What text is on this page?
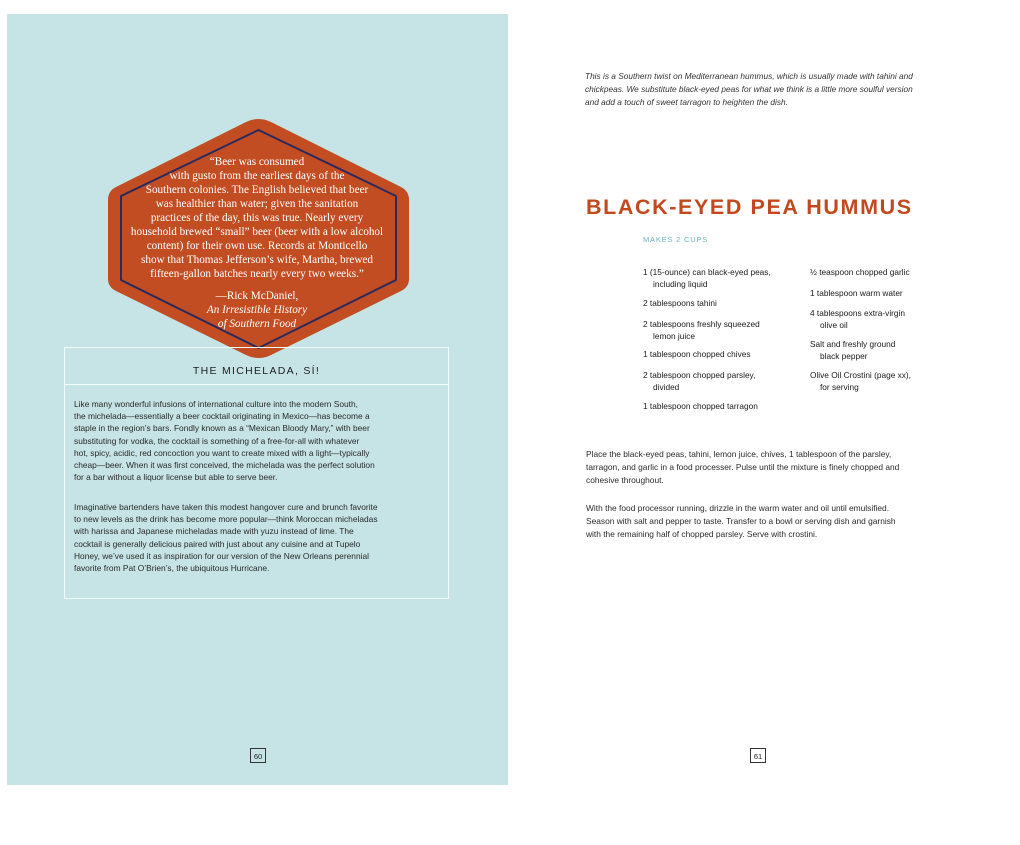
“Beer was consumed
with gusto from the earliest days of the
Southern colonies. The English believed that beer
was healthier than water; given the sanitation
practices of the day, this was true. Nearly every
household brewed “small” beer (beer with a low alcohol
content) for their own use. Records at Monticello
show that Thomas Jefferson’s wife, Martha, brewed
fifteen-gallon batches nearly every two weeks.”
—Rick McDaniel,
An Irresistible History
of Southern Food
THE MICHELADA, SÍ!
Like many wonderful infusions of international culture into the modern South,
the michelada—essentially a beer cocktail originating in Mexico—has become a
staple in the region’s bars. Fondly known as a “Mexican Bloody Mary,” with beer
substituting for vodka, the cocktail is something of a free-for-all with whatever
hot, spicy, acidic, red concoction you want to create mixed with a light—typically
cheap—beer. When it was first conceived, the michelada was the perfect solution
for a bar without a liquor license but able to serve beer.
Imaginative bartenders have taken this modest hangover cure and brunch favorite
to new levels as the drink has become more popular—think Moroccan micheladas
with harissa and Japanese micheladas made with yuzu instead of lime. The
cocktail is generally delicious paired with just about any cuisine and at Tupelo
Honey, we’ve used it as inspiration for our version of the New Orleans perennial
favorite from Pat O’Brien’s, the ubiquitous Hurricane.
60
This is a Southern twist on Mediterranean hummus, which is usually made with tahini and
chickpeas. We substitute black-eyed peas for what we think is a little more soulful version
and add a touch of sweet tarragon to heighten the dish.
BLACK-EYED PEA HUMMUS
MAKES 2 CUPS
1 (15-ounce) can black-eyed peas,
including liquid
2 tablespoons tahini
2 tablespoons freshly squeezed
lemon juice
1 tablespoon chopped chives
2 tablespoon chopped parsley,
divided
1 tablespoon chopped tarragon
½ teaspoon chopped garlic
1 tablespoon warm water
4 tablespoons extra-virgin
olive oil
Salt and freshly ground
black pepper
Olive Oil Crostini (page xx),
for serving
Place the black-eyed peas, tahini, lemon juice, chives, 1 tablespoon of the parsley,
tarragon, and garlic in a food processer. Pulse until the mixture is finely chopped and
cohesive throughout.
With the food processor running, drizzle in the warm water and oil until emulsified.
Season with salt and pepper to taste. Transfer to a bowl or serving dish and garnish
with the remaining half of chopped parsley. Serve with crostini.
61
